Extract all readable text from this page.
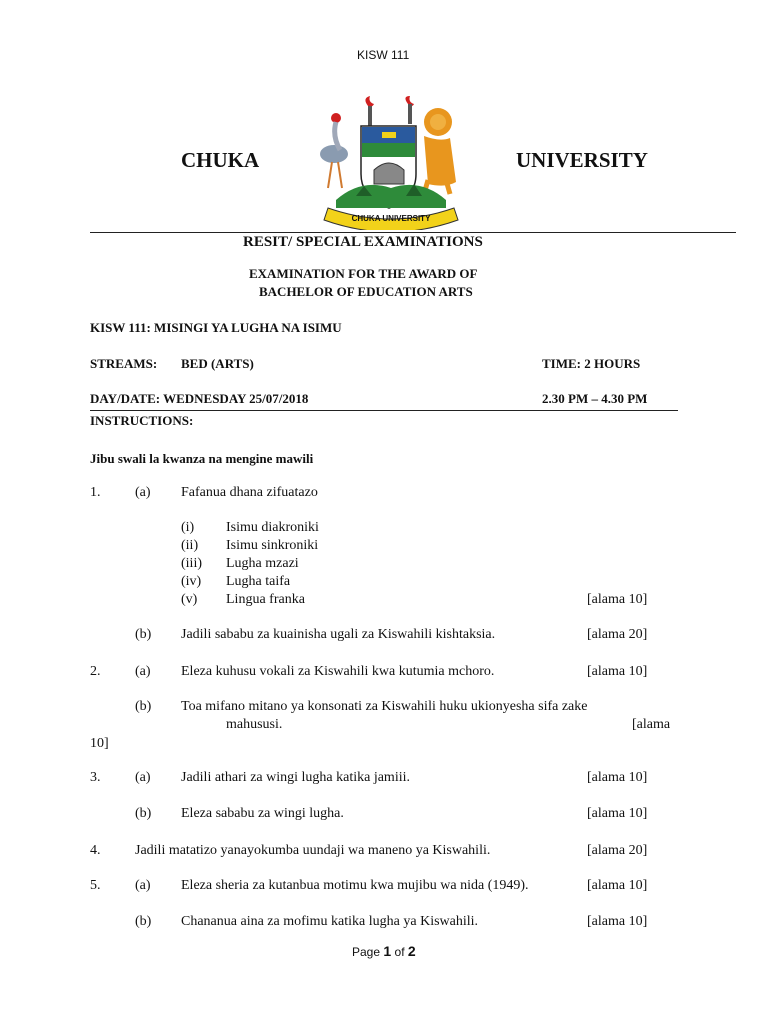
KISW 111
CHUKA	UNIVERSITY
CHUKA UNIVERSITY
RESIT/ SPECIAL EXAMINATIONS
EXAMINATION FOR THE AWARD OF
BACHELOR OF EDUCATION ARTS
KISW 111: MISINGI YA LUGHA NA ISIMU
STREAMS: BED (ARTS)	TIME: 2 HOURS
DAY/DATE: WEDNESDAY 25/07/2018	2.30 PM – 4.30 PM
INSTRUCTIONS:
Jibu swali la kwanza na mengine mawili
1. (a) Fafanua dhana zifuatazo
(i) Isimu diakroniki
(ii) Isimu sinkroniki
(iii) Lugha mzazi
(iv) Lugha taifa
(v) Lingua franka	[alama 10]
(b) Jadili sababu za kuainisha ugali za Kiswahili kishtaksia.	[alama 20]
2. (a) Eleza kuhusu vokali za Kiswahili kwa kutumia mchoro.	[alama 10]
(b) Toa mifano mitano ya konsonati za Kiswahili huku ukionyesha sifa zake
mahususi.	[alama
10]
3. (a) Jadili athari za wingi lugha katika jamiii.	[alama 10]
(b) Eleza sababu za wingi lugha.	[alama 10]
4. Jadili matatizo yanayokumba uundaji wa maneno ya Kiswahili.	[alama 20]
5. (a) Eleza sheria za kutanbua motimu kwa mujibu wa nida (1949).	[alama 10]
(b) Chananua aina za mofimu katika lugha ya Kiswahili.	[alama 10]
Page 1 of 2
